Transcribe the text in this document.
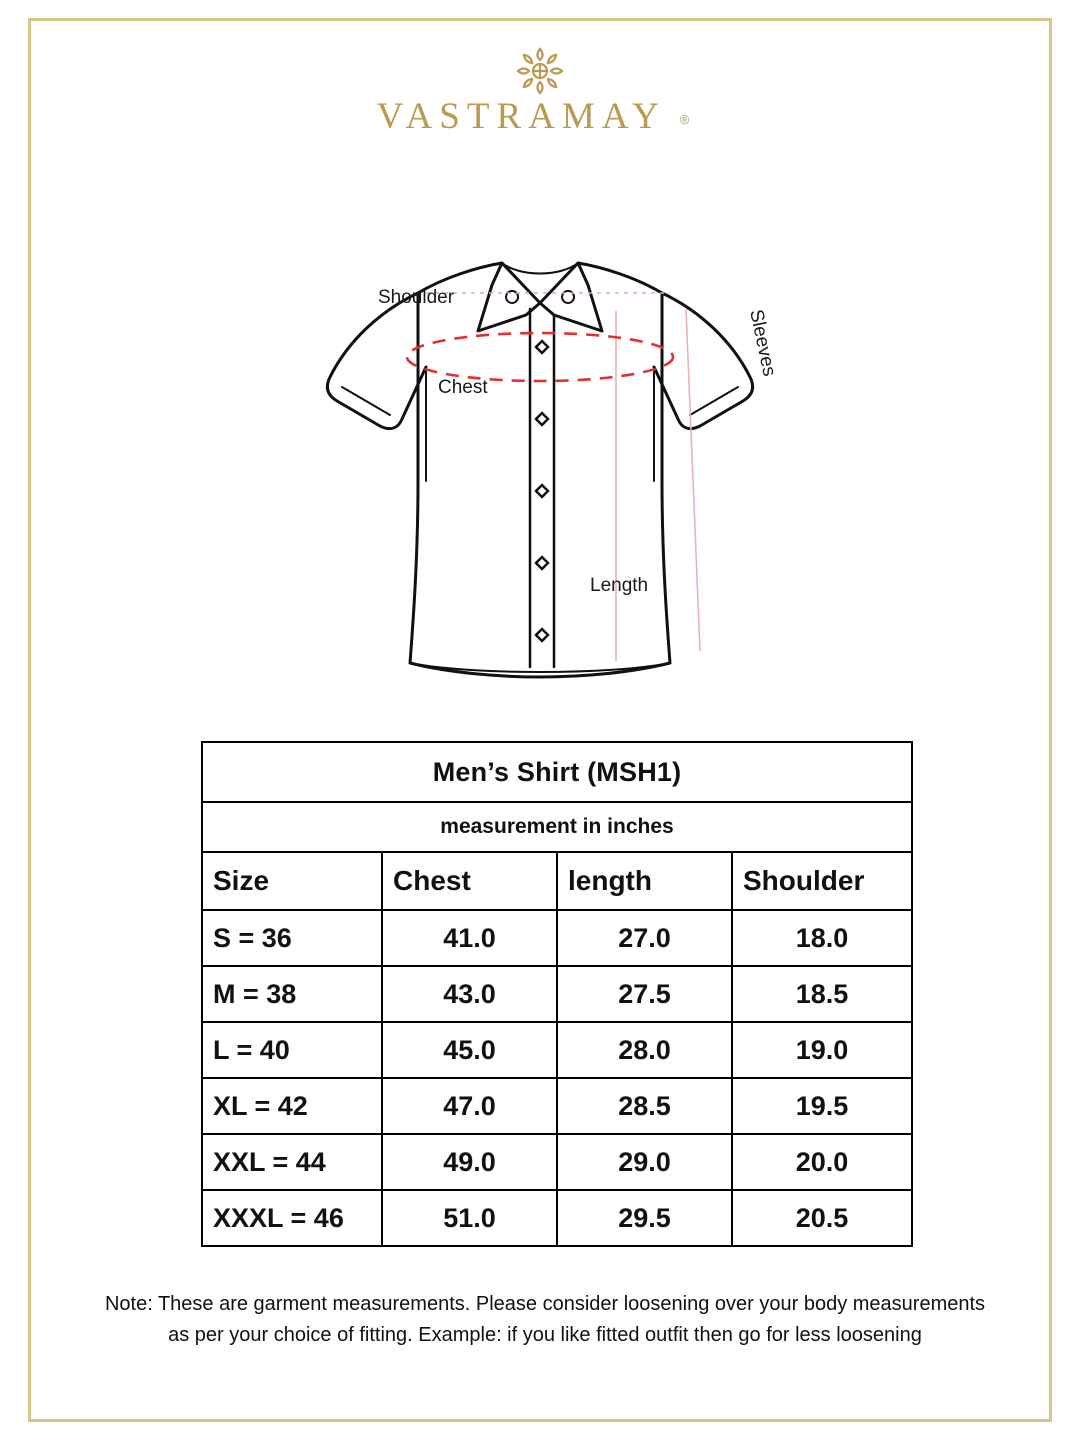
VASTRAMAY ®
Shoulder
Chest
Length
Sleeves
Men’s Shirt (MSH1)			
measurement in inches			
Size	Chest	length	Shoulder
S = 36	41.0	27.0	18.0
M = 38	43.0	27.5	18.5
L = 40	45.0	28.0	19.0
XL = 42	47.0	28.5	19.5
XXL = 44	49.0	29.0	20.0
XXXL = 46	51.0	29.5	20.5
Note: These are garment measurements. Please consider loosening over your body measurements
as per your choice of fitting. Example: if you like fitted outfit then go for less loosening
